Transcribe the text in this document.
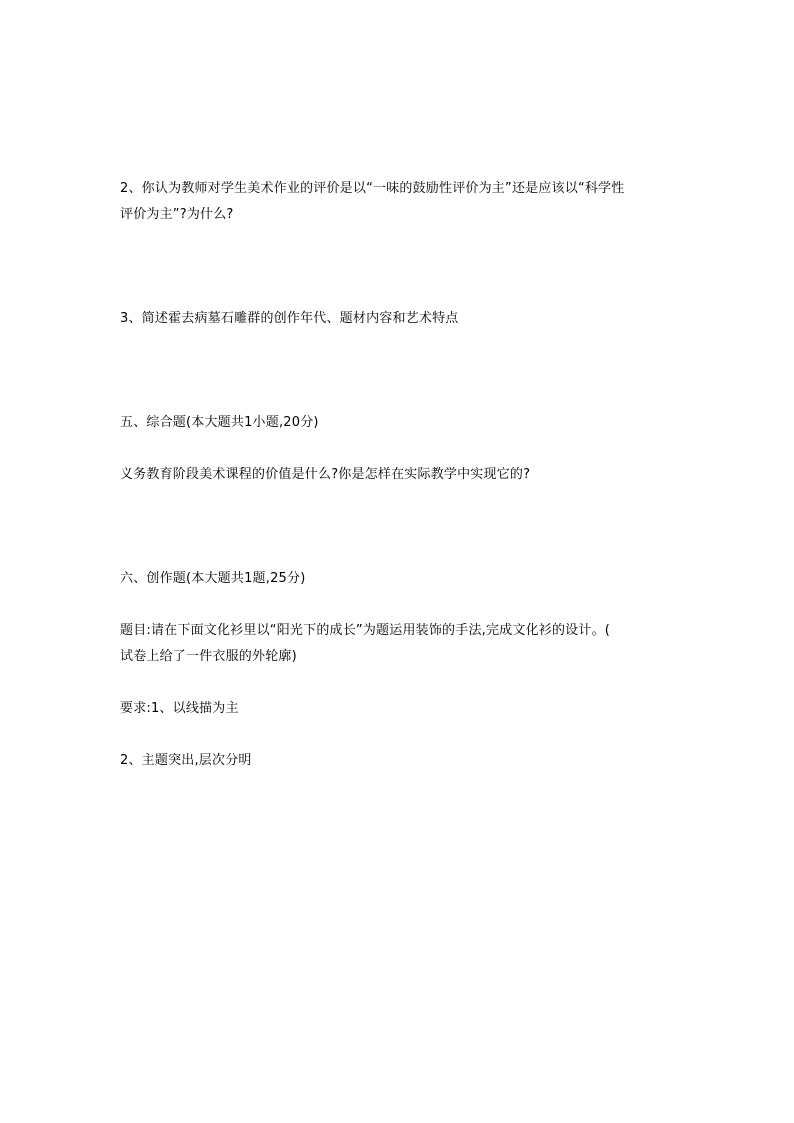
2、你认为教师对学生美术作业的评价是以“一味的鼓励性评价为主”还是应该以“科学性
评价为主”?为什么?
3、简述霍去病墓石雕群的创作年代、题材内容和艺术特点
五、综合题(本大题共1小题,20分)
义务教育阶段美术课程的价值是什么?你是怎样在实际教学中实现它的?
六、创作题(本大题共1题,25分)
题目:请在下面文化衫里以“阳光下的成长”为题运用装饰的手法,完成文化衫的设计。(
试卷上给了一件衣服的外轮廓)
要求:1、以线描为主
2、主题突出,层次分明
